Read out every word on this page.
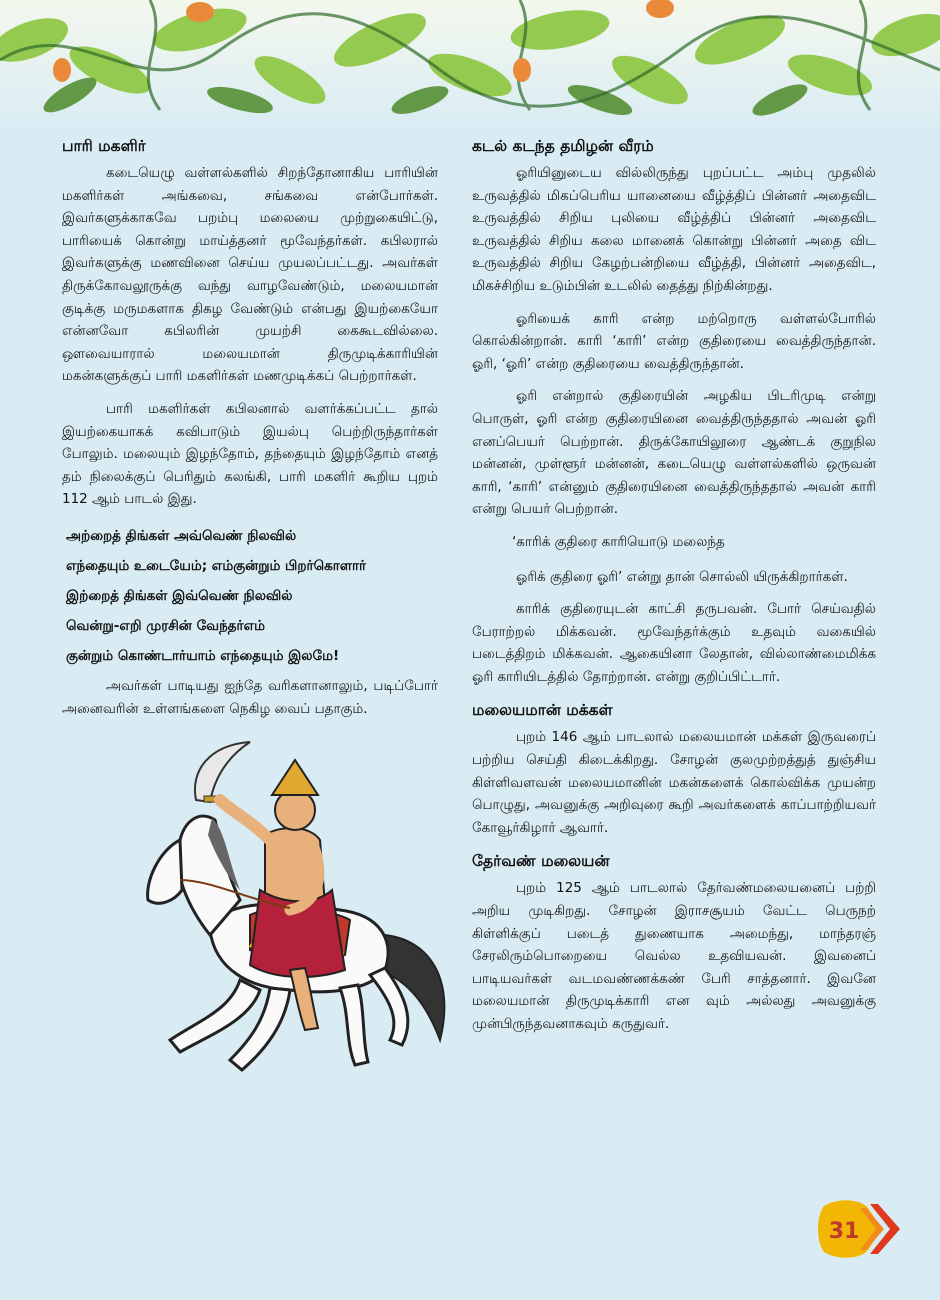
பாரி மகளிர்

கடையெழு வள்ளல்களில் சிறந்தோனாகிய பாரியின் மகளிர்கள் அங்கவை, சங்கவை என்போர்கள். இவர்களுக்காகவே பறம்பு மலையை முற்றுகையிட்டு, பாரியைக் கொன்று மாய்த்தனர் மூவேந்தர்கள். கபிலரால் இவர்களுக்கு மணவினை செய்ய முயலப்பட்டது. அவர்கள் திருக்கோவலூருக்கு வந்து வாழவேண்டும், மலையமான் குடிக்கு மருமகளாக திகழ வேண்டும் என்பது இயற்கையோ என்னவோ கபிலரின் முயற்சி கைகூடவில்லை. ஔவையாரால் மலையமான் திருமுடிக்காரியின் மகன்களுக்குப் பாரி மகளிர்கள் மணமுடிக்கப் பெற்றார்கள்.

பாரி மகளிர்கள் கபிலனால் வளர்க்கப்பட்ட தால் இயற்கையாகக் கவிபாடும் இயல்பு பெற்றிருந்தார்கள் போலும். மலையும் இழந்தோம், தந்தையும் இழந்தோம் எனத் தம் நிலைக்குப் பெரிதும் கலங்கி, பாரி மகளிர் கூறிய புறம் 112 ஆம் பாடல் இது.

அற்றைத் திங்கள் அவ்வெண் நிலவில்
எந்தையும் உடையேம்; எம்குன்றும் பிறர்கொளார்
இற்றைத் திங்கள் இவ்வெண் நிலவில்
வென்று-எறி முரசின் வேந்தர்எம்
குன்றும் கொண்டார்யாம் எந்தையும் இலமே!

அவர்கள் பாடியது ஐந்தே வரிகளானாலும், படிப்போர் அனைவரின் உள்ளங்களை நெகிழ வைப் பதாகும்.

கடல் கடந்த தமிழன் வீரம்

ஓரியினுடைய வில்லிருந்து புறப்பட்ட அம்பு முதலில் உருவத்தில் மிகப்பெரிய யானையை வீழ்த்திப் பின்னர் அதைவிட உருவத்தில் சிறிய புலியை வீழ்த்திப் பின்னர் அதைவிட உருவத்தில் சிறிய கலை மானைக் கொன்று பின்னர் அதை விட உருவத்தில் சிறிய கேழற்பன்றியை வீழ்த்தி, பின்னர் அதைவிட, மிகச்சிறிய உடும்பின் உடலில் தைத்து நிற்கின்றது.

ஓரியைக் காரி என்ற மற்றொரு வள்ளல்போரில் கொல்கின்றான். காரி ‘காரி’ என்ற குதிரையை வைத்திருந்தான். ஓரி, ‘ஓரி’ என்ற குதிரையை வைத்திருந்தான்.

ஓரி என்றால் குதிரையின் அழகிய பிடரிமுடி என்று பொருள், ஓரி என்ற குதிரையினை வைத்திருந்ததால் அவன் ஓரி எனப்பெயர் பெற்றான். திருக்கோயிலூரை ஆண்டக் குறுநில மன்னன், முள்ளூர் மன்னன், கடையெழு வள்ளல்களில் ஒருவன் காரி, ‘காரி’ என்னும் குதிரையினை வைத்திருந்ததால் அவன் காரி என்று பெயர் பெற்றான்.

‘காரிக் குதிரை காரியொடு மலைந்த

ஓரிக் குதிரை ஓரி’ என்று தான் சொல்லி யிருக்கிறார்கள்.

காரிக் குதிரையுடன் காட்சி தருபவன். போர் செய்வதில் பேராற்றல் மிக்கவன். மூவேந்தர்க்கும் உதவும் வகையில் படைத்திறம் மிக்கவன். ஆகையினா லேதான், வில்லாண்மைமிக்க ஓரி காரியிடத்தில் தோற்றான். என்று குறிப்பிட்டார்.

மலையமான் மக்கள்

புறம் 146 ஆம் பாடலால் மலையமான் மக்கள் இருவரைப் பற்றிய செய்தி கிடைக்கிறது. சோழன் குலமுற்றத்துத் துஞ்சிய கிள்ளிவளவன் மலையமானின் மகன்களைக் கொல்விக்க முயன்ற பொழுது, அவனுக்கு அறிவுரை கூறி அவர்களைக் காப்பாற்றியவர் கோவூர்கிழார் ஆவார்.

தேர்வண் மலையன்

புறம் 125 ஆம் பாடலால் தேர்வண்மலையனைப் பற்றி அறிய முடிகிறது. சோழன் இராசசூயம் வேட்ட பெருநற் கிள்ளிக்குப் படைத் துணையாக அமைந்து, மாந்தரஞ் சேரலிரும்பொறையை வெல்ல உதவியவன். இவனைப் பாடியவர்கள் வடமவண்ணக்கண் பேரி சாத்தனார். இவனே மலையமான் திருமுடிக்காரி என வும் அல்லது அவனுக்கு முன்பிருந்தவனாகவும் கருதுவர்.

31
